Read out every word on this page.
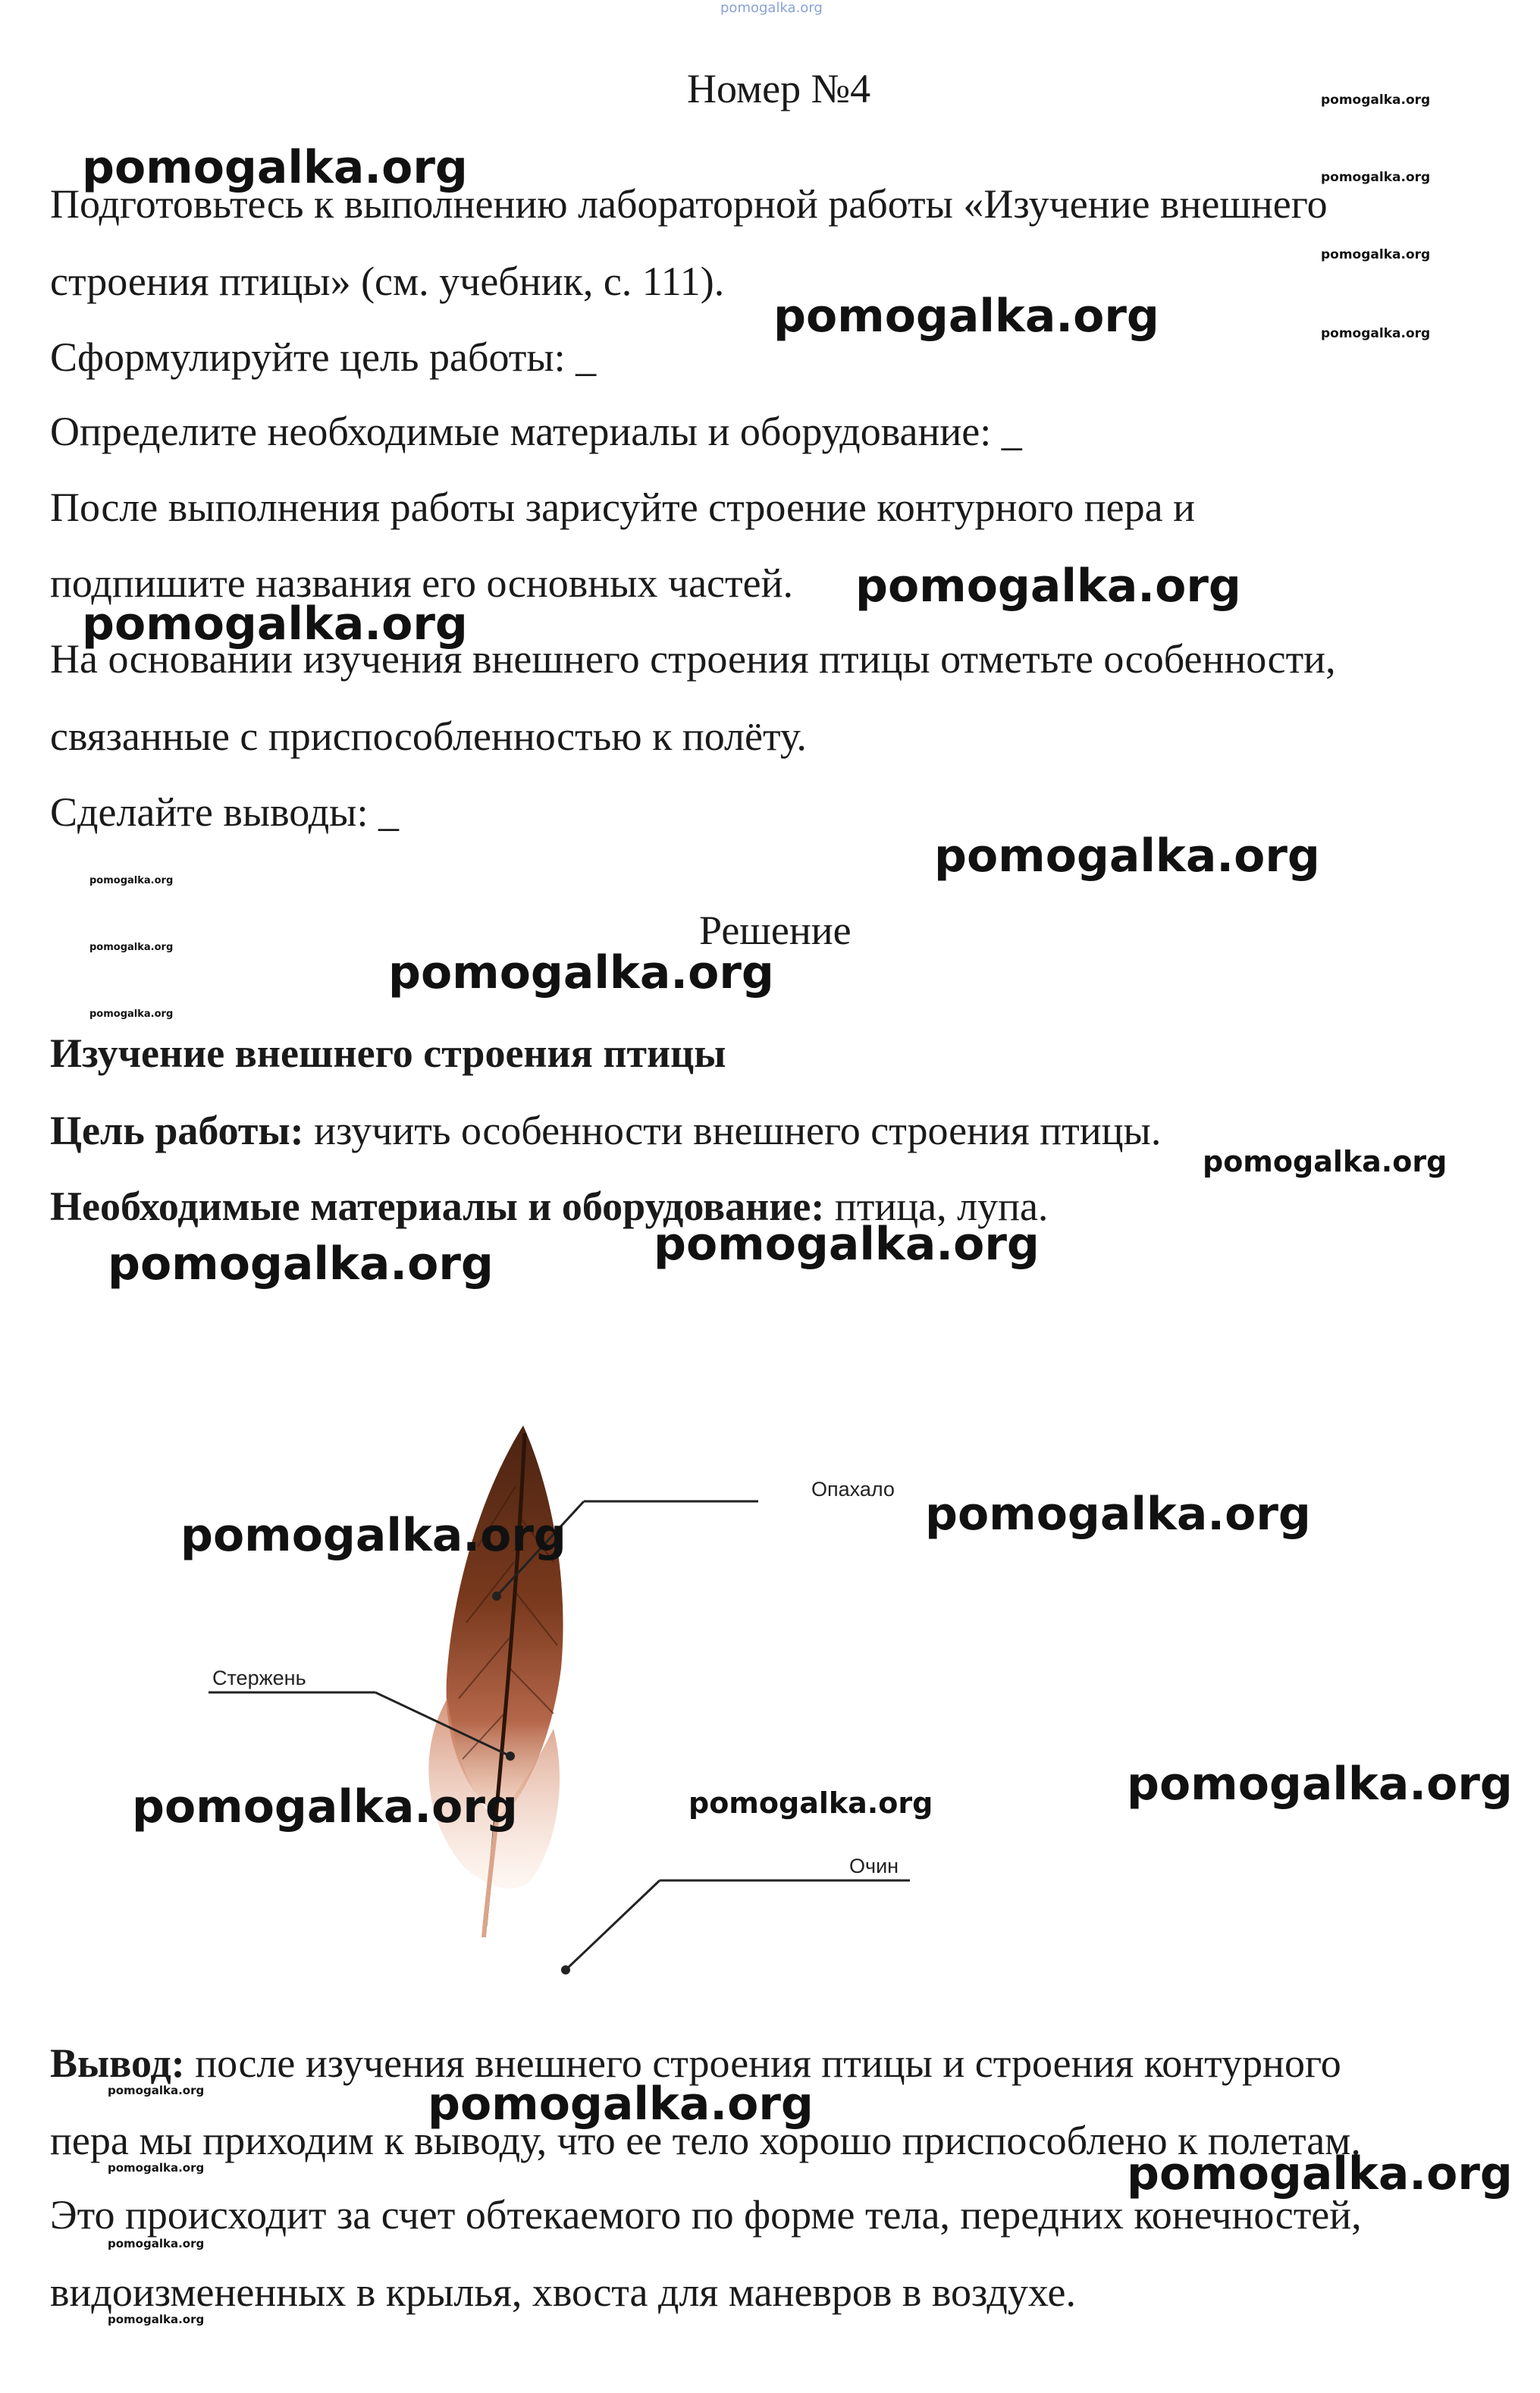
pomogalka.org
Номер №4
Подготовьтесь к выполнению лабораторной работы «Изучение внешнего
строения птицы» (см. учебник, с. 111).
Сформулируйте цель работы: _
Определите необходимые материалы и оборудование: _
После выполнения работы зарисуйте строение контурного пера и
подпишите названия его основных частей.
На основании изучения внешнего строения птицы отметьте особенности,
связанные с приспособленностью к полёту.
Сделайте выводы: _
Решение
Изучение внешнего строения птицы
Цель работы: изучить особенности внешнего строения птицы.
Необходимые материалы и оборудование: птица, лупа.
Опахало
Стержень
Очин
Вывод: после изучения внешнего строения птицы и строения контурного
пера мы приходим к выводу, что ее тело хорошо приспособлено к полетам.
Это происходит за счет обтекаемого по форме тела, передних конечностей,
видоизмененных в крылья, хвоста для маневров в воздухе.
pomogalka.org
pomogalka.org
pomogalka.org
pomogalka.org
pomogalka.org
pomogalka.org
pomogalka.org
pomogalka.org
pomogalka.org
pomogalka.org
pomogalka.org
pomogalka.org
pomogalka.org
pomogalka.org
pomogalka.org
pomogalka.org
pomogalka.org
pomogalka.org
pomogalka.org
pomogalka.org
pomogalka.org
pomogalka.org
pomogalka.org
pomogalka.org
pomogalka.org
pomogalka.org
pomogalka.org
